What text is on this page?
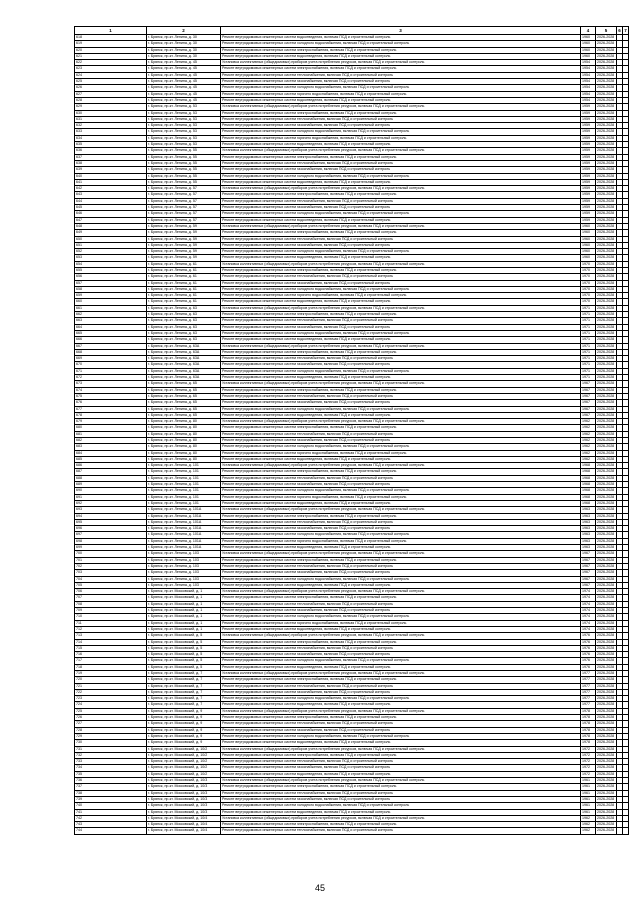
1	2	3	4	5	6	7
618	г. Брянск, пр-кт. Ленина, д. 30	Ремонт внутридомовых инженерных систем водоотведения, включая ПСД и строительный контроль	1960	2026-2028		
619	г. Брянск, пр-кт. Ленина, д. 30	Ремонт внутридомовых инженерных систем холодного водоснабжения, включая ПСД и строительный контроль	1960	2026-2028		
620	г. Брянск, пр-кт. Ленина, д. 30	Ремонт внутридомовых инженерных систем электроснабжения, включая ПСД и строительный контроль	1960	2026-2028		
621	г. Брянск, пр-кт. Ленина, д. 30	Ремонт внутридомовых инженерных систем водоотведения, включая ПСД и строительный контроль	1960	2026-2028		
622	г. Брянск, пр-кт. Ленина, д. 45	Установка коллективных (общедомовых) приборов учета потребления ресурсов, включая ПСД и строительный контроль	1954	2026-2028		
623	г. Брянск, пр-кт. Ленина, д. 45	Ремонт внутридомовых инженерных систем электроснабжения, включая ПСД и строительный контроль	1954	2026-2028		
624	г. Брянск, пр-кт. Ленина, д. 45	Ремонт внутридомовых инженерных систем теплоснабжения, включая ПСД и строительный контроль	1954	2026-2028		
625	г. Брянск, пр-кт. Ленина, д. 45	Ремонт внутридомовых инженерных систем газоснабжения, включая ПСД и строительный контроль	1954	2026-2028		
626	г. Брянск, пр-кт. Ленина, д. 45	Ремонт внутридомовых инженерных систем холодного водоснабжения, включая ПСД и строительный контроль	1954	2026-2028		
627	г. Брянск, пр-кт. Ленина, д. 45	Ремонт внутридомовых инженерных систем горячего водоснабжения, включая ПСД и строительный контроль	1954	2026-2028		
628	г. Брянск, пр-кт. Ленина, д. 45	Ремонт внутридомовых инженерных систем водоотведения, включая ПСД и строительный контроль	1954	2026-2028		
629	г. Брянск, пр-кт. Ленина, д. 53	Установка коллективных (общедомовых) приборов учета потребления ресурсов, включая ПСД и строительный контроль	1959	2026-2028		
630	г. Брянск, пр-кт. Ленина, д. 53	Ремонт внутридомовых инженерных систем электроснабжения, включая ПСД и строительный контроль	1959	2026-2028		
631	г. Брянск, пр-кт. Ленина, д. 53	Ремонт внутридомовых инженерных систем теплоснабжения, включая ПСД и строительный контроль	1959	2026-2028		
632	г. Брянск, пр-кт. Ленина, д. 53	Ремонт внутридомовых инженерных систем газоснабжения, включая ПСД и строительный контроль	1959	2026-2028		
633	г. Брянск, пр-кт. Ленина, д. 53	Ремонт внутридомовых инженерных систем холодного водоснабжения, включая ПСД и строительный контроль	1959	2026-2028		
634	г. Брянск, пр-кт. Ленина, д. 53	Ремонт внутридомовых инженерных систем горячего водоснабжения, включая ПСД и строительный контроль	1959	2026-2028		
635	г. Брянск, пр-кт. Ленина, д. 53	Ремонт внутридомовых инженерных систем водоотведения, включая ПСД и строительный контроль	1959	2026-2028		
636	г. Брянск, пр-кт. Ленина, д. 55	Установка коллективных (общедомовых) приборов учета потребления ресурсов, включая ПСД и строительный контроль	1959	2026-2028		
637	г. Брянск, пр-кт. Ленина, д. 55	Ремонт внутридомовых инженерных систем электроснабжения, включая ПСД и строительный контроль	1959	2026-2028		
638	г. Брянск, пр-кт. Ленина, д. 55	Ремонт внутридомовых инженерных систем теплоснабжения, включая ПСД и строительный контроль	1959	2026-2028		
639	г. Брянск, пр-кт. Ленина, д. 55	Ремонт внутридомовых инженерных систем газоснабжения, включая ПСД и строительный контроль	1959	2026-2028		
640	г. Брянск, пр-кт. Ленина, д. 55	Ремонт внутридомовых инженерных систем холодного водоснабжения, включая ПСД и строительный контроль	1959	2026-2028		
641	г. Брянск, пр-кт. Ленина, д. 55	Ремонт внутридомовых инженерных систем водоотведения, включая ПСД и строительный контроль	1959	2026-2028		
642	г. Брянск, пр-кт. Ленина, д. 57	Установка коллективных (общедомовых) приборов учета потребления ресурсов, включая ПСД и строительный контроль	1959	2026-2028		
643	г. Брянск, пр-кт. Ленина, д. 57	Ремонт внутридомовых инженерных систем электроснабжения, включая ПСД и строительный контроль	1959	2026-2028		
644	г. Брянск, пр-кт. Ленина, д. 57	Ремонт внутридомовых инженерных систем теплоснабжения, включая ПСД и строительный контроль	1959	2026-2028		
645	г. Брянск, пр-кт. Ленина, д. 57	Ремонт внутридомовых инженерных систем газоснабжения, включая ПСД и строительный контроль	1959	2026-2028		
646	г. Брянск, пр-кт. Ленина, д. 57	Ремонт внутридомовых инженерных систем холодного водоснабжения, включая ПСД и строительный контроль	1959	2026-2028		
647	г. Брянск, пр-кт. Ленина, д. 57	Ремонт внутридомовых инженерных систем водоотведения, включая ПСД и строительный контроль	1959	2026-2028		
648	г. Брянск, пр-кт. Ленина, д. 59	Установка коллективных (общедомовых) приборов учета потребления ресурсов, включая ПСД и строительный контроль	1960	2026-2028		
649	г. Брянск, пр-кт. Ленина, д. 59	Ремонт внутридомовых инженерных систем электроснабжения, включая ПСД и строительный контроль	1960	2026-2028		
650	г. Брянск, пр-кт. Ленина, д. 59	Ремонт внутридомовых инженерных систем теплоснабжения, включая ПСД и строительный контроль	1960	2026-2028		
651	г. Брянск, пр-кт. Ленина, д. 59	Ремонт внутридомовых инженерных систем газоснабжения, включая ПСД и строительный контроль	1960	2026-2028		
652	г. Брянск, пр-кт. Ленина, д. 59	Ремонт внутридомовых инженерных систем холодного водоснабжения, включая ПСД и строительный контроль	1960	2026-2028		
653	г. Брянск, пр-кт. Ленина, д. 59	Ремонт внутридомовых инженерных систем водоотведения, включая ПСД и строительный контроль	1960	2026-2028		
654	г. Брянск, пр-кт. Ленина, д. 61	Установка коллективных (общедомовых) приборов учета потребления ресурсов, включая ПСД и строительный контроль	1970	2026-2028		
655	г. Брянск, пр-кт. Ленина, д. 61	Ремонт внутридомовых инженерных систем электроснабжения, включая ПСД и строительный контроль	1970	2026-2028		
656	г. Брянск, пр-кт. Ленина, д. 61	Ремонт внутридомовых инженерных систем теплоснабжения, включая ПСД и строительный контроль	1970	2026-2028		
657	г. Брянск, пр-кт. Ленина, д. 61	Ремонт внутридомовых инженерных систем газоснабжения, включая ПСД и строительный контроль	1970	2026-2028		
658	г. Брянск, пр-кт. Ленина, д. 61	Ремонт внутридомовых инженерных систем холодного водоснабжения, включая ПСД и строительный контроль	1970	2026-2028		
659	г. Брянск, пр-кт. Ленина, д. 61	Ремонт внутридомовых инженерных систем горячего водоснабжения, включая ПСД и строительный контроль	1970	2026-2028		
660	г. Брянск, пр-кт. Ленина, д. 61	Ремонт внутридомовых инженерных систем водоотведения, включая ПСД и строительный контроль	1970	2026-2028		
661	г. Брянск, пр-кт. Ленина, д. 63	Установка коллективных (общедомовых) приборов учета потребления ресурсов, включая ПСД и строительный контроль	1971	2026-2028		
662	г. Брянск, пр-кт. Ленина, д. 63	Ремонт внутридомовых инженерных систем электроснабжения, включая ПСД и строительный контроль	1971	2026-2028		
663	г. Брянск, пр-кт. Ленина, д. 63	Ремонт внутридомовых инженерных систем теплоснабжения, включая ПСД и строительный контроль	1971	2026-2028		
664	г. Брянск, пр-кт. Ленина, д. 63	Ремонт внутридомовых инженерных систем газоснабжения, включая ПСД и строительный контроль	1971	2026-2028		
665	г. Брянск, пр-кт. Ленина, д. 63	Ремонт внутридомовых инженерных систем холодного водоснабжения, включая ПСД и строительный контроль	1971	2026-2028		
666	г. Брянск, пр-кт. Ленина, д. 63	Ремонт внутридомовых инженерных систем водоотведения, включая ПСД и строительный контроль	1971	2026-2028		
667	г. Брянск, пр-кт. Ленина, д. 63А	Установка коллективных (общедомовых) приборов учета потребления ресурсов, включая ПСД и строительный контроль	1971	2026-2028		
668	г. Брянск, пр-кт. Ленина, д. 63А	Ремонт внутридомовых инженерных систем электроснабжения, включая ПСД и строительный контроль	1971	2026-2028		
669	г. Брянск, пр-кт. Ленина, д. 63А	Ремонт внутридомовых инженерных систем теплоснабжения, включая ПСД и строительный контроль	1971	2026-2028		
670	г. Брянск, пр-кт. Ленина, д. 63А	Ремонт внутридомовых инженерных систем газоснабжения, включая ПСД и строительный контроль	1971	2026-2028		
671	г. Брянск, пр-кт. Ленина, д. 63А	Ремонт внутридомовых инженерных систем холодного водоснабжения, включая ПСД и строительный контроль	1971	2026-2028		
672	г. Брянск, пр-кт. Ленина, д. 63А	Ремонт внутридомовых инженерных систем водоотведения, включая ПСД и строительный контроль	1971	2026-2028		
673	г. Брянск, пр-кт. Ленина, д. 65	Установка коллективных (общедомовых) приборов учета потребления ресурсов, включая ПСД и строительный контроль	1967	2026-2028		
674	г. Брянск, пр-кт. Ленина, д. 65	Ремонт внутридомовых инженерных систем электроснабжения, включая ПСД и строительный контроль	1967	2026-2028		
675	г. Брянск, пр-кт. Ленина, д. 65	Ремонт внутридомовых инженерных систем теплоснабжения, включая ПСД и строительный контроль	1967	2026-2028		
676	г. Брянск, пр-кт. Ленина, д. 65	Ремонт внутридомовых инженерных систем газоснабжения, включая ПСД и строительный контроль	1967	2026-2028		
677	г. Брянск, пр-кт. Ленина, д. 65	Ремонт внутридомовых инженерных систем холодного водоснабжения, включая ПСД и строительный контроль	1967	2026-2028		
678	г. Брянск, пр-кт. Ленина, д. 65	Ремонт внутридомовых инженерных систем водоотведения, включая ПСД и строительный контроль	1967	2026-2028		
679	г. Брянск, пр-кт. Ленина, д. 80	Установка коллективных (общедомовых) приборов учета потребления ресурсов, включая ПСД и строительный контроль	1962	2026-2028		
680	г. Брянск, пр-кт. Ленина, д. 80	Ремонт внутридомовых инженерных систем электроснабжения, включая ПСД и строительный контроль	1962	2026-2028		
681	г. Брянск, пр-кт. Ленина, д. 80	Ремонт внутридомовых инженерных систем теплоснабжения, включая ПСД и строительный контроль	1962	2026-2028		
682	г. Брянск, пр-кт. Ленина, д. 80	Ремонт внутридомовых инженерных систем газоснабжения, включая ПСД и строительный контроль	1962	2026-2028		
683	г. Брянск, пр-кт. Ленина, д. 80	Ремонт внутридомовых инженерных систем холодного водоснабжения, включая ПСД и строительный контроль	1962	2026-2028		
684	г. Брянск, пр-кт. Ленина, д. 80	Ремонт внутридомовых инженерных систем горячего водоснабжения, включая ПСД и строительный контроль	1962	2026-2028		
685	г. Брянск, пр-кт. Ленина, д. 80	Ремонт внутридомовых инженерных систем водоотведения, включая ПСД и строительный контроль	1962	2026-2028		
686	г. Брянск, пр-кт. Ленина, д. 101	Установка коллективных (общедомовых) приборов учета потребления ресурсов, включая ПСД и строительный контроль	1968	2026-2028		
687	г. Брянск, пр-кт. Ленина, д. 101	Ремонт внутридомовых инженерных систем электроснабжения, включая ПСД и строительный контроль	1968	2026-2028		
688	г. Брянск, пр-кт. Ленина, д. 101	Ремонт внутридомовых инженерных систем теплоснабжения, включая ПСД и строительный контроль	1968	2026-2028		
689	г. Брянск, пр-кт. Ленина, д. 101	Ремонт внутридомовых инженерных систем газоснабжения, включая ПСД и строительный контроль	1968	2026-2028		
690	г. Брянск, пр-кт. Ленина, д. 101	Ремонт внутридомовых инженерных систем холодного водоснабжения, включая ПСД и строительный контроль	1968	2026-2028		
691	г. Брянск, пр-кт. Ленина, д. 101	Ремонт внутридомовых инженерных систем горячего водоснабжения, включая ПСД и строительный контроль	1968	2026-2028		
692	г. Брянск, пр-кт. Ленина, д. 101	Ремонт внутридомовых инженерных систем водоотведения, включая ПСД и строительный контроль	1968	2026-2028		
693	г. Брянск, пр-кт. Ленина, д. 101А	Установка коллективных (общедомовых) приборов учета потребления ресурсов, включая ПСД и строительный контроль	1963	2026-2028		
694	г. Брянск, пр-кт. Ленина, д. 101А	Ремонт внутридомовых инженерных систем электроснабжения, включая ПСД и строительный контроль	1963	2026-2028		
695	г. Брянск, пр-кт. Ленина, д. 101А	Ремонт внутридомовых инженерных систем теплоснабжения, включая ПСД и строительный контроль	1963	2026-2028		
696	г. Брянск, пр-кт. Ленина, д. 101А	Ремонт внутридомовых инженерных систем газоснабжения, включая ПСД и строительный контроль	1963	2026-2028		
697	г. Брянск, пр-кт. Ленина, д. 101А	Ремонт внутридомовых инженерных систем холодного водоснабжения, включая ПСД и строительный контроль	1963	2026-2028		
698	г. Брянск, пр-кт. Ленина, д. 101А	Ремонт внутридомовых инженерных систем горячего водоснабжения, включая ПСД и строительный контроль	1963	2026-2028		
699	г. Брянск, пр-кт. Ленина, д. 101А	Ремонт внутридомовых инженерных систем водоотведения, включая ПСД и строительный контроль	1963	2026-2028		
700	г. Брянск, пр-кт. Ленина, д. 103	Установка коллективных (общедомовых) приборов учета потребления ресурсов, включая ПСД и строительный контроль	1967	2026-2028		
701	г. Брянск, пр-кт. Ленина, д. 103	Ремонт внутридомовых инженерных систем электроснабжения, включая ПСД и строительный контроль	1967	2026-2028		
702	г. Брянск, пр-кт. Ленина, д. 103	Ремонт внутридомовых инженерных систем теплоснабжения, включая ПСД и строительный контроль	1967	2026-2028		
703	г. Брянск, пр-кт. Ленина, д. 103	Ремонт внутридомовых инженерных систем газоснабжения, включая ПСД и строительный контроль	1967	2026-2028		
704	г. Брянск, пр-кт. Ленина, д. 103	Ремонт внутридомовых инженерных систем холодного водоснабжения, включая ПСД и строительный контроль	1967	2026-2028		
705	г. Брянск, пр-кт. Ленина, д. 103	Ремонт внутридомовых инженерных систем водоотведения, включая ПСД и строительный контроль	1967	2026-2028		
706	г. Брянск, пр-кт. Московский, д. 1	Установка коллективных (общедомовых) приборов учета потребления ресурсов, включая ПСД и строительный контроль	1974	2026-2028		
707	г. Брянск, пр-кт. Московский, д. 1	Ремонт внутридомовых инженерных систем электроснабжения, включая ПСД и строительный контроль	1974	2026-2028		
708	г. Брянск, пр-кт. Московский, д. 1	Ремонт внутридомовых инженерных систем теплоснабжения, включая ПСД и строительный контроль	1974	2026-2028		
709	г. Брянск, пр-кт. Московский, д. 1	Ремонт внутридомовых инженерных систем газоснабжения, включая ПСД и строительный контроль	1974	2026-2028		
710	г. Брянск, пр-кт. Московский, д. 1	Ремонт внутридомовых инженерных систем холодного водоснабжения, включая ПСД и строительный контроль	1974	2026-2028		
711	г. Брянск, пр-кт. Московский, д. 1	Ремонт внутридомовых инженерных систем горячего водоснабжения, включая ПСД и строительный контроль	1974	2026-2028		
712	г. Брянск, пр-кт. Московский, д. 1	Ремонт внутридомовых инженерных систем водоотведения, включая ПСД и строительный контроль	1974	2026-2028		
713	г. Брянск, пр-кт. Московский, д. 5	Установка коллективных (общедомовых) приборов учета потребления ресурсов, включая ПСД и строительный контроль	1976	2026-2028		
714	г. Брянск, пр-кт. Московский, д. 5	Ремонт внутридомовых инженерных систем электроснабжения, включая ПСД и строительный контроль	1976	2026-2028		
715	г. Брянск, пр-кт. Московский, д. 5	Ремонт внутридомовых инженерных систем теплоснабжения, включая ПСД и строительный контроль	1976	2026-2028		
716	г. Брянск, пр-кт. Московский, д. 5	Ремонт внутридомовых инженерных систем газоснабжения, включая ПСД и строительный контроль	1976	2026-2028		
717	г. Брянск, пр-кт. Московский, д. 5	Ремонт внутридомовых инженерных систем холодного водоснабжения, включая ПСД и строительный контроль	1976	2026-2028		
718	г. Брянск, пр-кт. Московский, д. 5	Ремонт внутридомовых инженерных систем водоотведения, включая ПСД и строительный контроль	1976	2026-2028		
719	г. Брянск, пр-кт. Московский, д. 7	Установка коллективных (общедомовых) приборов учета потребления ресурсов, включая ПСД и строительный контроль	1977	2026-2028		
720	г. Брянск, пр-кт. Московский, д. 7	Ремонт внутридомовых инженерных систем электроснабжения, включая ПСД и строительный контроль	1977	2026-2028		
721	г. Брянск, пр-кт. Московский, д. 7	Ремонт внутридомовых инженерных систем теплоснабжения, включая ПСД и строительный контроль	1977	2026-2028		
722	г. Брянск, пр-кт. Московский, д. 7	Ремонт внутридомовых инженерных систем газоснабжения, включая ПСД и строительный контроль	1977	2026-2028		
723	г. Брянск, пр-кт. Московский, д. 7	Ремонт внутридомовых инженерных систем холодного водоснабжения, включая ПСД и строительный контроль	1977	2026-2028		
724	г. Брянск, пр-кт. Московский, д. 7	Ремонт внутридомовых инженерных систем водоотведения, включая ПСД и строительный контроль	1977	2026-2028		
725	г. Брянск, пр-кт. Московский, д. 9	Установка коллективных (общедомовых) приборов учета потребления ресурсов, включая ПСД и строительный контроль	1978	2026-2028		
726	г. Брянск, пр-кт. Московский, д. 9	Ремонт внутридомовых инженерных систем электроснабжения, включая ПСД и строительный контроль	1978	2026-2028		
727	г. Брянск, пр-кт. Московский, д. 9	Ремонт внутридомовых инженерных систем теплоснабжения, включая ПСД и строительный контроль	1978	2026-2028		
728	г. Брянск, пр-кт. Московский, д. 9	Ремонт внутридомовых инженерных систем газоснабжения, включая ПСД и строительный контроль	1978	2026-2028		
729	г. Брянск, пр-кт. Московский, д. 9	Ремонт внутридомовых инженерных систем холодного водоснабжения, включая ПСД и строительный контроль	1978	2026-2028		
730	г. Брянск, пр-кт. Московский, д. 9	Ремонт внутридомовых инженерных систем водоотведения, включая ПСД и строительный контроль	1978	2026-2028		
731	г. Брянск, пр-кт. Московский, д. 10/2	Установка коллективных (общедомовых) приборов учета потребления ресурсов, включая ПСД и строительный контроль	1972	2026-2028		
732	г. Брянск, пр-кт. Московский, д. 10/2	Ремонт внутридомовых инженерных систем электроснабжения, включая ПСД и строительный контроль	1972	2026-2028		
733	г. Брянск, пр-кт. Московский, д. 10/2	Ремонт внутридомовых инженерных систем теплоснабжения, включая ПСД и строительный контроль	1972	2026-2028		
734	г. Брянск, пр-кт. Московский, д. 10/2	Ремонт внутридомовых инженерных систем газоснабжения, включая ПСД и строительный контроль	1972	2026-2028		
735	г. Брянск, пр-кт. Московский, д. 10/2	Ремонт внутридомовых инженерных систем водоотведения, включая ПСД и строительный контроль	1972	2026-2028		
736	г. Брянск, пр-кт. Московский, д. 10/3	Установка коллективных (общедомовых) приборов учета потребления ресурсов, включая ПСД и строительный контроль	1961	2026-2028		
737	г. Брянск, пр-кт. Московский, д. 10/3	Ремонт внутридомовых инженерных систем электроснабжения, включая ПСД и строительный контроль	1961	2026-2028		
738	г. Брянск, пр-кт. Московский, д. 10/3	Ремонт внутридомовых инженерных систем теплоснабжения, включая ПСД и строительный контроль	1961	2026-2028		
739	г. Брянск, пр-кт. Московский, д. 10/3	Ремонт внутридомовых инженерных систем газоснабжения, включая ПСД и строительный контроль	1961	2026-2028		
740	г. Брянск, пр-кт. Московский, д. 10/3	Ремонт внутридомовых инженерных систем холодного водоснабжения, включая ПСД и строительный контроль	1961	2026-2028		
741	г. Брянск, пр-кт. Московский, д. 10/3	Ремонт внутридомовых инженерных систем водоотведения, включая ПСД и строительный контроль	1961	2026-2028		
742	г. Брянск, пр-кт. Московский, д. 10/4	Установка коллективных (общедомовых) приборов учета потребления ресурсов, включая ПСД и строительный контроль	1962	2026-2028		
743	г. Брянск, пр-кт. Московский, д. 10/4	Ремонт внутридомовых инженерных систем электроснабжения, включая ПСД и строительный контроль	1962	2026-2028		
744	г. Брянск, пр-кт. Московский, д. 10/4	Ремонт внутридомовых инженерных систем теплоснабжения, включая ПСД и строительный контроль	1962	2026-2028		
45
